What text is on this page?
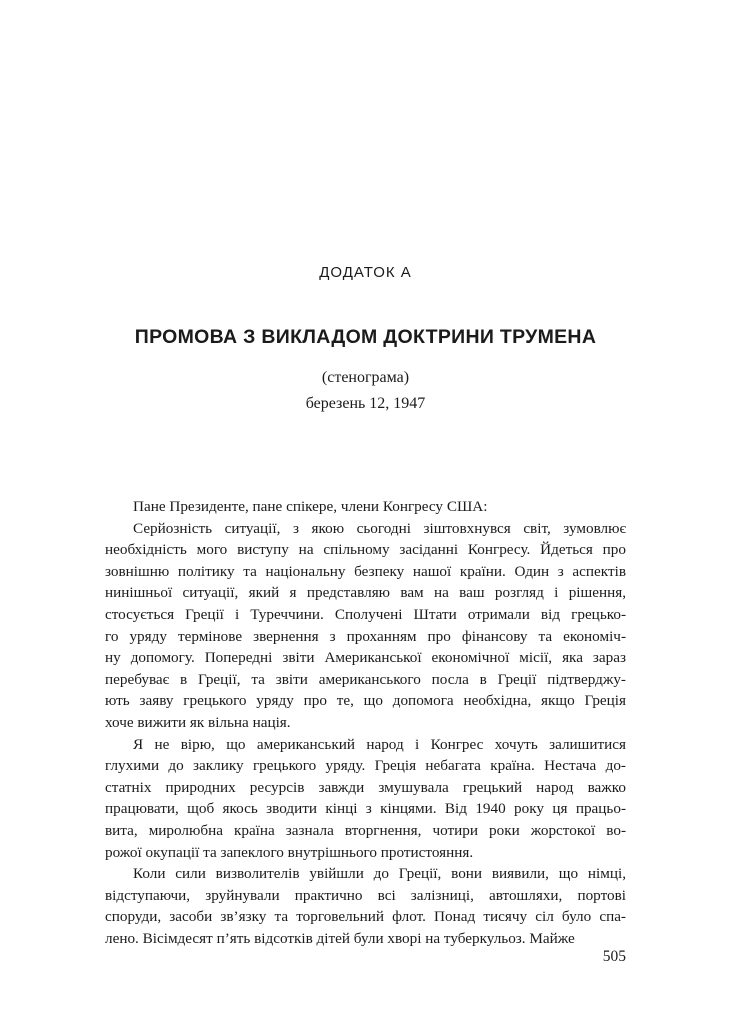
ДОДАТОК А
ПРОМОВА З ВИКЛАДОМ ДОКТРИНИ ТРУМЕНА
(стенограма)
березень 12, 1947
Пане Президенте, пане спікере, члени Конгресу США:
Серйозність ситуації, з якою сьогодні зіштовхнувся світ, зумовлює
необхідність мого виступу на спільному засіданні Конгресу. Йдеться про
зовнішню політику та національну безпеку нашої країни. Один з аспектів
нинішньої ситуації, який я представляю вам на ваш розгляд і рішення,
стосується Греції і Туреччини. Сполучені Штати отримали від грецько-
го уряду термінове звернення з проханням про фінансову та економіч-
ну допомогу. Попередні звіти Американської економічної місії, яка зараз
перебуває в Греції, та звіти американського посла в Греції підтверджу-
ють заяву грецького уряду про те, що допомога необхідна, якщо Греція
хоче вижити як вільна нація.
Я не вірю, що американський народ і Конгрес хочуть залишитися
глухими до заклику грецького уряду. Греція небагата країна. Нестача до-
статніх природних ресурсів завжди змушувала грецький народ важко
працювати, щоб якось зводити кінці з кінцями. Від 1940 року ця працьо-
вита, миролюбна країна зазнала вторгнення, чотири роки жорстокої во-
рожої окупації та запеклого внутрішнього протистояння.
Коли сили визволителів увійшли до Греції, вони виявили, що німці,
відступаючи, зруйнували практично всі залізниці, автошляхи, портові
споруди, засоби зв’язку та торговельний флот. Понад тисячу сіл було спа-
лено. Вісімдесят п’ять відсотків дітей були хворі на туберкульоз. Майже
505
